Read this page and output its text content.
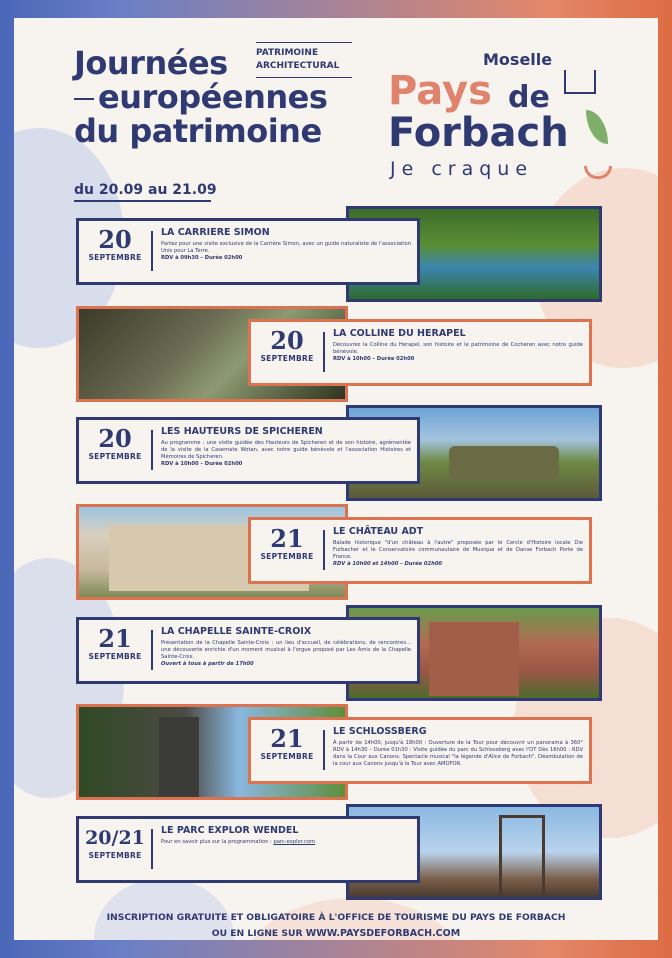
Journées
européennes
du patrimoine
du 20.09 au 21.09
PATRIMOINE
ARCHITECTURAL	Moselle
Pays de
Forbach
Je craque
20
SEPTEMBRE
LA CARRIERE SIMON
Partez pour une visite exclusive de la Carrière Simon, avec un guide naturaliste de l'association Unis pour La Terre.
RDV à 09h30 – Durée 02h00
20
SEPTEMBRE
LA COLLINE DU HERAPEL
Découvrez la Colline du Herapel, son histoire et le patrimoine de Cocheren avec notre guide bénévole.
RDV à 10h00 – Durée 02h00
20
SEPTEMBRE
LES HAUTEURS DE SPICHEREN
Au programme : une visite guidée des Hauteurs de Spicheren et de son histoire, agrémentée de la visite de la Casemate Wotan, avec notre guide bénévole et l'association Histoires et Mémoires de Spicheren.
RDV à 10h00 – Durée 02h00
21
SEPTEMBRE
LE CHÂTEAU ADT
Balade historique "d'un château à l'autre" proposée par le Cercle d'Histoire locale Die Furbacher et le Conservatoire communautaire de Musique et de Danse Forbach Porte de France.
RDV à 10h00 et 14h00 – Durée 02h00
21
SEPTEMBRE
LA CHAPELLE SAINTE-CROIX
Présentation de la Chapelle Sainte-Croix : un lieu d'accueil, de célébrations, de rencontres... une découverte enrichie d'un moment musical à l'orgue proposé par Les Amis de la Chapelle Sainte-Croix.
Ouvert à tous à partir de 17h00
21
SEPTEMBRE
LE SCHLOSSBERG
À partir de 14h00, jusqu'à 18h00 : Ouverture de la Tour pour découvrir un panorama à 360° RDV à 14h30 – Durée 01h30 : Visite guidée du parc du Schlossberg avec l'OT Dès 16h00 : RDV dans la Cour aux Canons. Spectacle musical "la légende d'Alice de Forbach". Déambulation de la cour aux Canons jusqu'à la Tour avec AMOFOR.
20/21
SEPTEMBRE
LE PARC EXPLOR WENDEL
Pour en savoir plus sur la programmation : parc-explor.com
INSCRIPTION GRATUITE ET OBLIGATOIRE À L'OFFICE DE TOURISME DU PAYS DE FORBACH
OU EN LIGNE SUR WWW.PAYSDEFORBACH.COM
